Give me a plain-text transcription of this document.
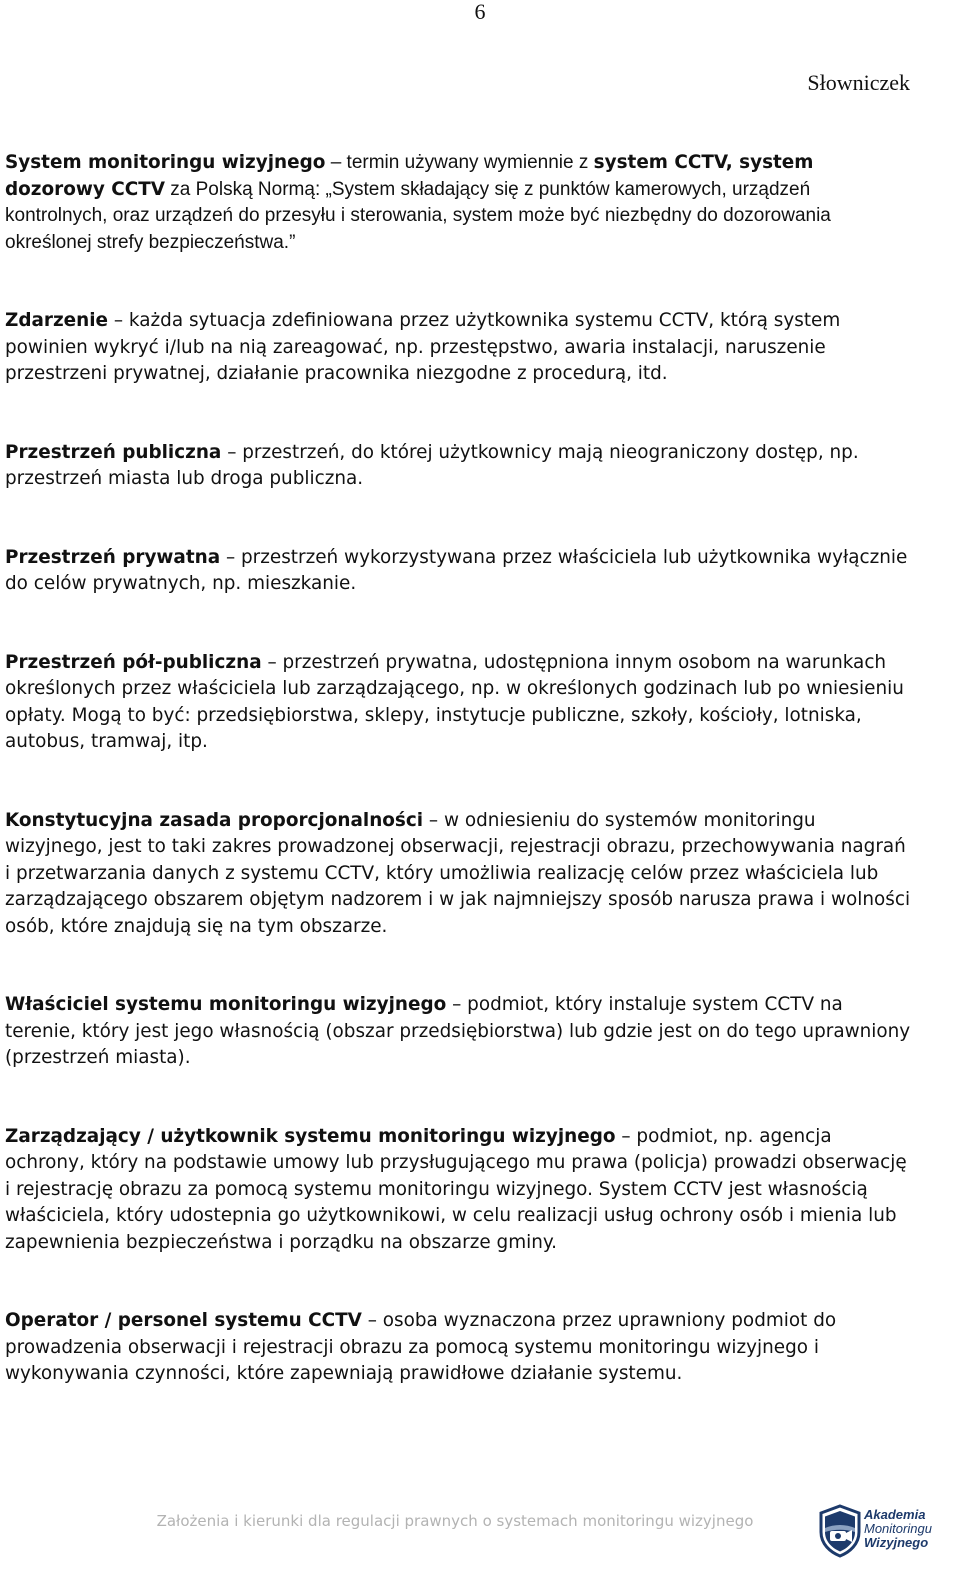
6
Słowniczek

System monitoringu wizyjnego – termin używany wymiennie z system CCTV, system dozorowy CCTV za Polską Normą: „System składający się z punktów kamerowych, urządzeń kontrolnych, oraz urządzeń do przesyłu i sterowania, system może być niezbędny do dozorowania określonej strefy bezpieczeństwa.”

Zdarzenie – każda sytuacja zdefiniowana przez użytkownika systemu CCTV, którą system powinien wykryć i/lub na nią zareagować, np. przestępstwo, awaria instalacji, naruszenie przestrzeni prywatnej, działanie pracownika niezgodne z procedurą, itd.

Przestrzeń publiczna – przestrzeń, do której użytkownicy mają nieograniczony dostęp, np. przestrzeń miasta lub droga publiczna.

Przestrzeń prywatna – przestrzeń wykorzystywana przez właściciela lub użytkownika wyłącznie do celów prywatnych, np. mieszkanie.

Przestrzeń pół-publiczna – przestrzeń prywatna, udostępniona innym osobom na warunkach określonych przez właściciela lub zarządzającego, np. w określonych godzinach lub po wniesieniu opłaty. Mogą to być: przedsiębiorstwa, sklepy, instytucje publiczne, szkoły, kościoły, lotniska, autobus, tramwaj, itp.

Konstytucyjna zasada proporcjonalności – w odniesieniu do systemów monitoringu wizyjnego, jest to taki zakres prowadzonej obserwacji, rejestracji obrazu, przechowywania nagrań i przetwarzania danych z systemu CCTV, który umożliwia realizację celów przez właściciela lub zarządzającego obszarem objętym nadzorem i w jak najmniejszy sposób narusza prawa i wolności osób, które znajdują się na tym obszarze.

Właściciel systemu monitoringu wizyjnego – podmiot, który instaluje system CCTV na terenie, który jest jego własnością (obszar przedsiębiorstwa) lub gdzie jest on do tego uprawniony (przestrzeń miasta).

Zarządzający / użytkownik systemu monitoringu wizyjnego – podmiot, np. agencja ochrony, który na podstawie umowy lub przysługującego mu prawa (policja) prowadzi obserwację i rejestrację obrazu za pomocą systemu monitoringu wizyjnego. System CCTV jest własnością właściciela, który udostepnia go użytkownikowi, w celu realizacji usług ochrony osób i mienia lub zapewnienia bezpieczeństwa i porządku na obszarze gminy.

Operator / personel systemu CCTV – osoba wyznaczona przez uprawniony podmiot do prowadzenia obserwacji i rejestracji obrazu za pomocą systemu monitoringu wizyjnego i wykonywania czynności, które zapewniają prawidłowe działanie systemu.

Założenia i kierunki dla regulacji prawnych o systemach monitoringu wizyjnego	Akademia
Monitoringu
Wizyjnego
